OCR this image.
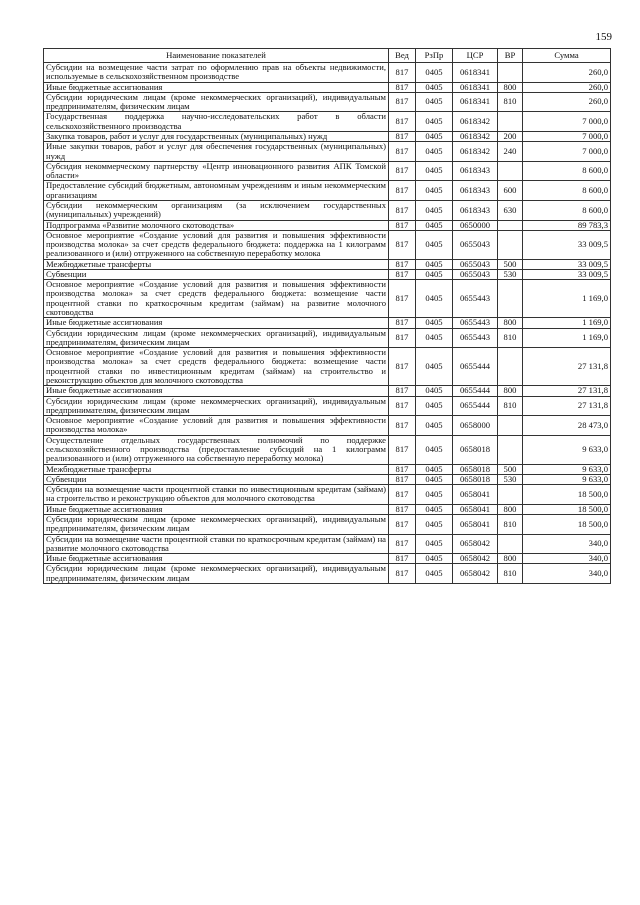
159
Наименование показателей	Вед	РзПр	ЦСР	ВР	Сумма
Субсидии на возмещение части затрат по оформлению прав на объекты недвижимости, используемые в сельскохозяйственном производстве	817	0405	0618341		260,0
Иные бюджетные ассигнования	817	0405	0618341	800	260,0
Субсидии юридическим лицам (кроме некоммерческих организаций), индивидуальным предпринимателям, физическим лицам	817	0405	0618341	810	260,0
Государственная поддержка научно-исследовательских работ в области сельскохозяйственного производства	817	0405	0618342		7 000,0
Закупка товаров, работ и услуг для государственных (муниципальных) нужд	817	0405	0618342	200	7 000,0
Иные закупки товаров, работ и услуг для обеспечения государственных (муниципальных) нужд	817	0405	0618342	240	7 000,0
Субсидия некоммерческому партнерству «Центр инновационного развития АПК Томской области»	817	0405	0618343		8 600,0
Предоставление субсидий бюджетным, автономным учреждениям и иным некоммерческим организациям	817	0405	0618343	600	8 600,0
Субсидии некоммерческим организациям (за исключением государственных (муниципальных) учреждений)	817	0405	0618343	630	8 600,0
Подпрограмма «Развитие молочного скотоводства»	817	0405	0650000		89 783,3
Основное мероприятие «Создание условий для развития и повышения эффективности производства молока» за счет средств федерального бюджета: поддержка на 1 килограмм реализованного и (или) отгруженного на собственную переработку молока	817	0405	0655043		33 009,5
Межбюджетные трансферты	817	0405	0655043	500	33 009,5
Субвенции	817	0405	0655043	530	33 009,5
Основное мероприятие «Создание условий для развития и повышения эффективности производства молока» за счет средств федерального бюджета: возмещение части процентной ставки по краткосрочным кредитам (займам) на развитие молочного скотоводства	817	0405	0655443		1 169,0
Иные бюджетные ассигнования	817	0405	0655443	800	1 169,0
Субсидии юридическим лицам (кроме некоммерческих организаций), индивидуальным предпринимателям, физическим лицам	817	0405	0655443	810	1 169,0
Основное мероприятие «Создание условий для развития и повышения эффективности производства молока» за счет средств федерального бюджета: возмещение части процентной ставки по инвестиционным кредитам (займам) на строительство и реконструкцию объектов для молочного скотоводства	817	0405	0655444		27 131,8
Иные бюджетные ассигнования	817	0405	0655444	800	27 131,8
Субсидии юридическим лицам (кроме некоммерческих организаций), индивидуальным предпринимателям, физическим лицам	817	0405	0655444	810	27 131,8
Основное мероприятие «Создание условий для развития и повышения эффективности производства молока»	817	0405	0658000		28 473,0
Осуществление отдельных государственных полномочий по поддержке сельскохозяйственного производства (предоставление субсидий на 1 килограмм реализованного и (или) отгруженного на собственную переработку молока)	817	0405	0658018		9 633,0
Межбюджетные трансферты	817	0405	0658018	500	9 633,0
Субвенции	817	0405	0658018	530	9 633,0
Субсидии на возмещение части процентной ставки по инвестиционным кредитам (займам) на строительство и реконструкцию объектов для молочного скотоводства	817	0405	0658041		18 500,0
Иные бюджетные ассигнования	817	0405	0658041	800	18 500,0
Субсидии юридическим лицам (кроме некоммерческих организаций), индивидуальным предпринимателям, физическим лицам	817	0405	0658041	810	18 500,0
Субсидии на возмещение части процентной ставки по краткосрочным кредитам (займам) на развитие молочного скотоводства	817	0405	0658042		340,0
Иные бюджетные ассигнования	817	0405	0658042	800	340,0
Субсидии юридическим лицам (кроме некоммерческих организаций), индивидуальным предпринимателям, физическим лицам	817	0405	0658042	810	340,0
